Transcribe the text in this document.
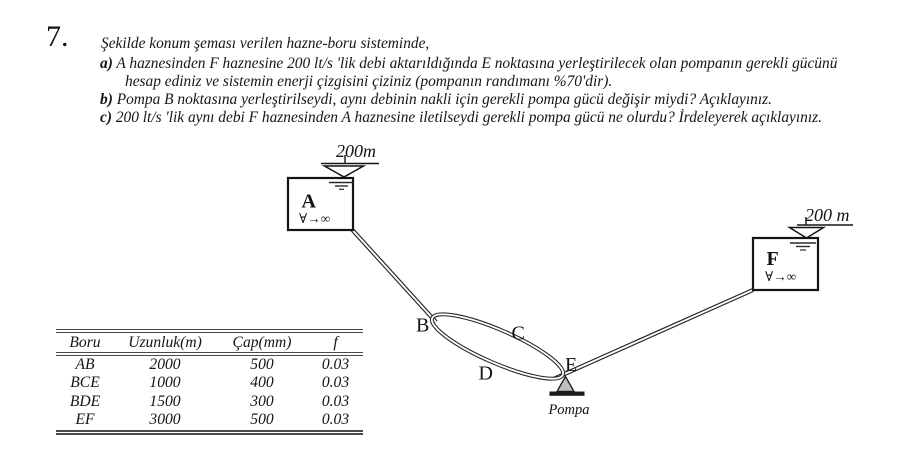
7. Şekilde konum şeması verilen hazne-boru sisteminde,
a) A haznesinden F haznesine 200 lt/s 'lik debi aktarıldığında E noktasına yerleştirilecek olan pompanın gerekli gücünü
hesap ediniz ve sistemin enerji çizgisini çiziniz (pompanın randımanı %70'dir).
b) Pompa B noktasına yerleştirilseydi, aynı debinin nakli için gerekli pompa gücü değişir miydi? Açıklayınız.
c) 200 lt/s 'lik aynı debi F haznesinden A haznesine iletilseydi gerekli pompa gücü ne olurdu? İrdeleyerek açıklayınız.
Pompa
A
∀→∞
200m
F
∀→∞
200 m
B	C
D	E
Boru	Uzunluk(m)	Çap(mm)	f
AB	2000	500	0.03
BCE	1000	400	0.03
BDE	1500	300	0.03
EF	3000	500	0.03
